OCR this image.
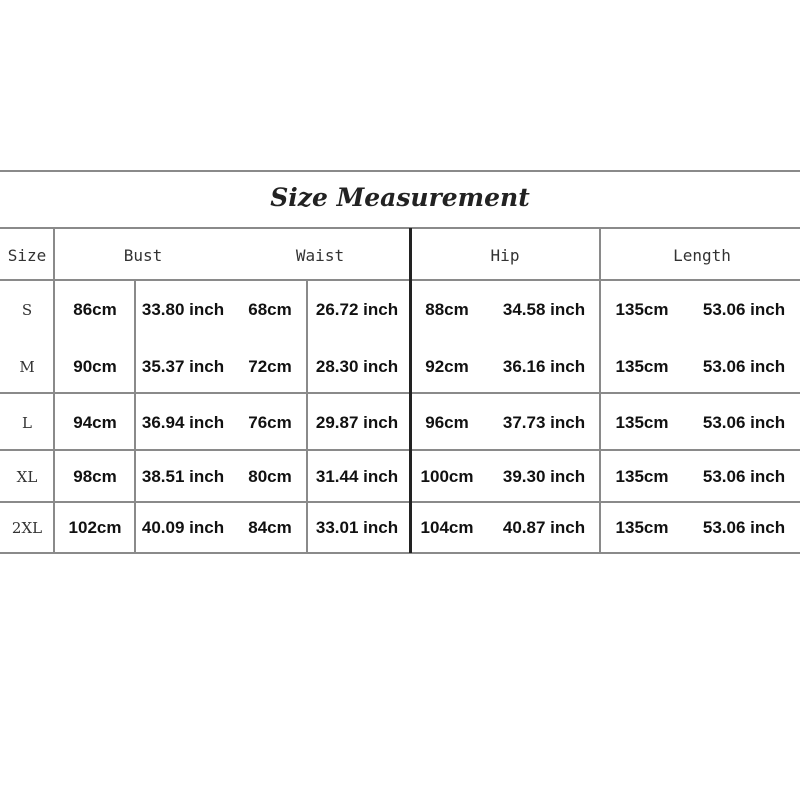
Size Measurement
Size	Bust	Waist	Hip	Length
S 86cm 33.80 inch 68cm 26.72 inch 88cm 34.58 inch 135cm 53.06 inch
M 90cm 35.37 inch 72cm 28.30 inch 92cm 36.16 inch 135cm 53.06 inch
L 94cm 36.94 inch 76cm 29.87 inch 96cm 37.73 inch 135cm 53.06 inch
XL 98cm 38.51 inch 80cm 31.44 inch 100cm 39.30 inch 135cm 53.06 inch
2XL 102cm 40.09 inch 84cm 33.01 inch 104cm 40.87 inch 135cm 53.06 inch
